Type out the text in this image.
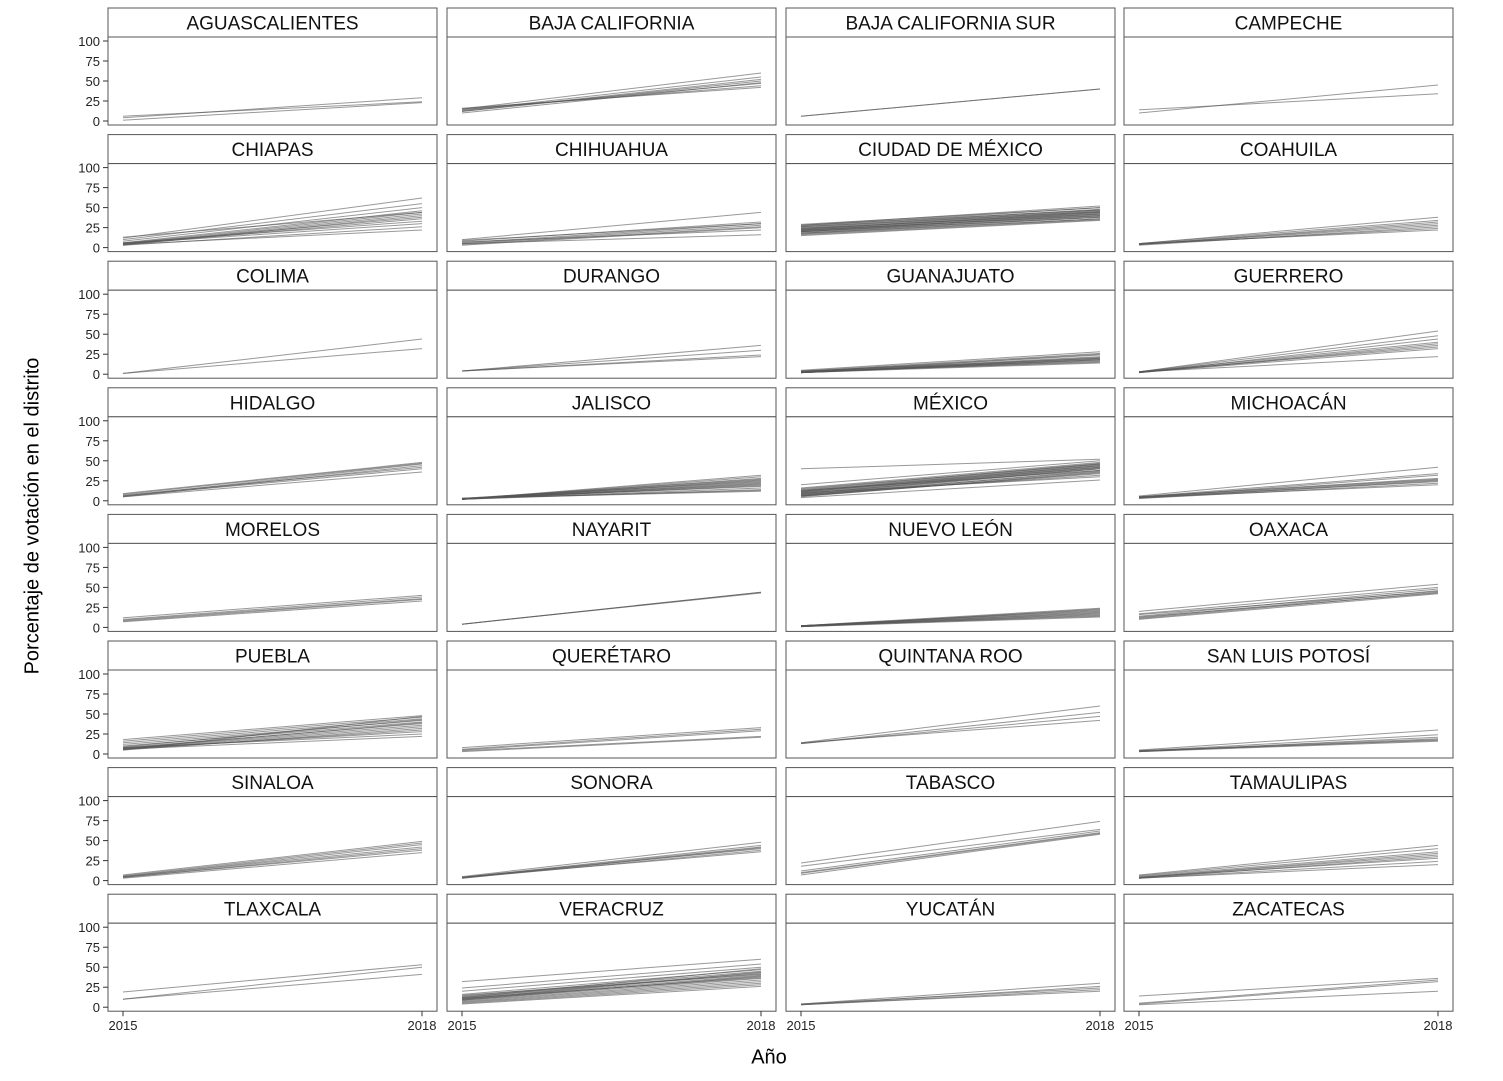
AGUASCALIENTES
0
25
50
75
100
BAJA CALIFORNIA	BAJA CALIFORNIA SUR	CAMPECHE
CHIAPAS
0
25
50
75
100
CHIHUAHUA	CIUDAD DE MÉXICO	COAHUILA
COLIMA
0
25
50
75
100
DURANGO	GUANAJUATO	GUERRERO
HIDALGO
0
25
50
75
100
JALISCO	MÉXICO	MICHOACÁN
MORELOS
0
25
50
75
100
NAYARIT	NUEVO LEÓN	OAXACA
PUEBLA
0
25
50
75
100
QUERÉTARO	QUINTANA ROO	SAN LUIS POTOSÍ
SINALOA
0
25
50
75
100
SONORA	TABASCO	TAMAULIPAS
TLAXCALA
0
25
50
75
100
2015	2018
VERACRUZ
2015	2018
YUCATÁN
2015	2018
ZACATECAS
2015	2018
Porcentaje de votación en el distrito
Año
